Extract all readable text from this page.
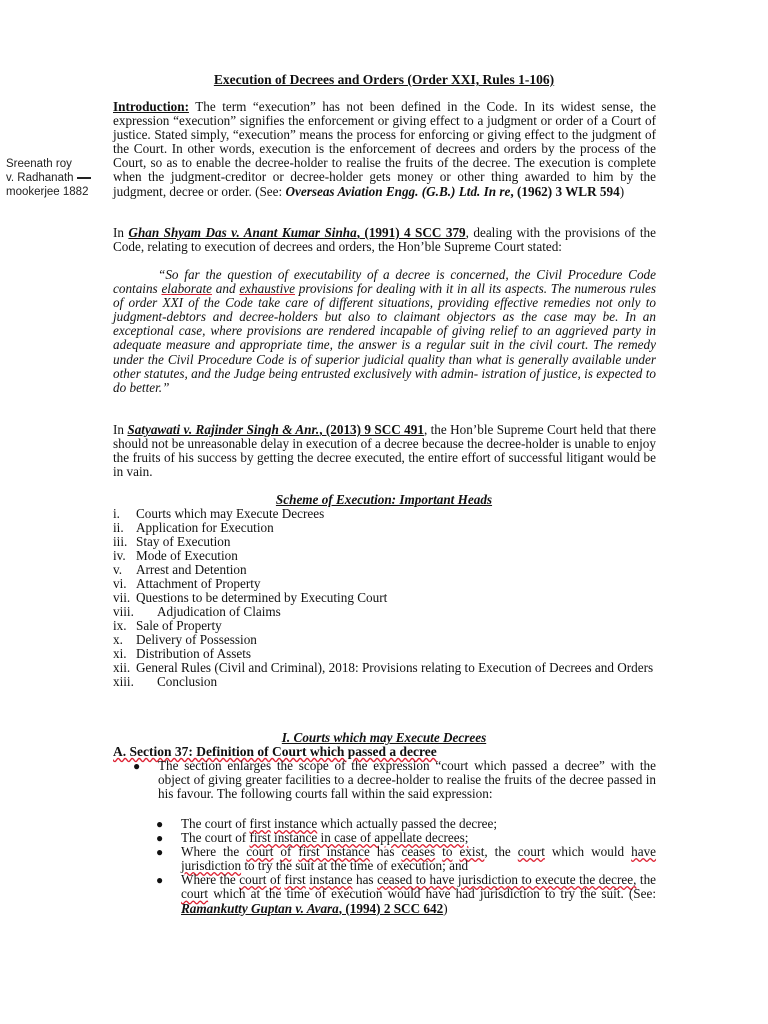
Execution of Decrees and Orders (Order XXI, Rules 1-106)
Sreenath roy
v. Radhanath
mookerjee 1882

Introduction: The term “execution” has not been defined in the Code. In its widest sense, the expression “execution” signifies the enforcement or giving effect to a judgment or order of a Court of justice. Stated simply, “execution” means the process for enforcing or giving effect to the judgment of the Court. In other words, execution is the enforcement of decrees and orders by the process of the Court, so as to enable the decree-holder to realise the fruits of the decree. The execution is complete when the judgment-creditor or decree-holder gets money or other thing awarded to him by the judgment, decree or order. (See: Overseas Aviation Engg. (G.B.) Ltd. In re, (1962) 3 WLR 594)

In Ghan Shyam Das v. Anant Kumar Sinha, (1991) 4 SCC 379, dealing with the provisions of the Code, relating to execution of decrees and orders, the Hon’ble Supreme Court stated:

“So far the question of executability of a decree is concerned, the Civil Procedure Code contains elaborate and exhaustive provisions for dealing with it in all its aspects. The numerous rules of order XXI of the Code take care of different situations, providing effective remedies not only to judgment-debtors and decree-holders but also to claimant objectors as the case may be. In an exceptional case, where provisions are rendered incapable of giving relief to an aggrieved party in adequate measure and appropriate time, the answer is a regular suit in the civil court. The remedy under the Civil Procedure Code is of superior judicial quality than what is generally available under other statutes, and the Judge being entrusted exclusively with admin- istration of justice, is expected to do better.”

In Satyawati v. Rajinder Singh & Anr., (2013) 9 SCC 491, the Hon’ble Supreme Court held that there should not be unreasonable delay in execution of a decree because the decree-holder is unable to enjoy the fruits of his success by getting the decree executed, the entire effort of successful litigant would be in vain.

Scheme of Execution: Important Heads
i. Courts which may Execute Decrees
ii. Application for Execution
iii. Stay of Execution
iv. Mode of Execution
v. Arrest and Detention
vi. Attachment of Property
vii. Questions to be determined by Executing Court
viii. Adjudication of Claims
ix. Sale of Property
x. Delivery of Possession
xi. Distribution of Assets
xii. General Rules (Civil and Criminal), 2018: Provisions relating to Execution of Decrees and Orders
xiii. Conclusion
I. Courts which may Execute Decrees
A. Section 37: Definition of Court which passed a decree
● The section enlarges the scope of the expression “court which passed a decree” with the object of giving greater facilities to a decree-holder to realise the fruits of the decree passed in his favour. The following courts fall within the said expression:
● The court of first instance which actually passed the decree;
● The court of first instance in case of appellate decrees;
● Where the court of first instance has ceases to exist, the court which would have jurisdiction to try the suit at the time of execution; and
● Where the court of first instance has ceased to have jurisdiction to execute the decree, the court which at the time of execution would have had jurisdiction to try the suit. (See: Ramankutty Guptan v. Avara, (1994) 2 SCC 642)
